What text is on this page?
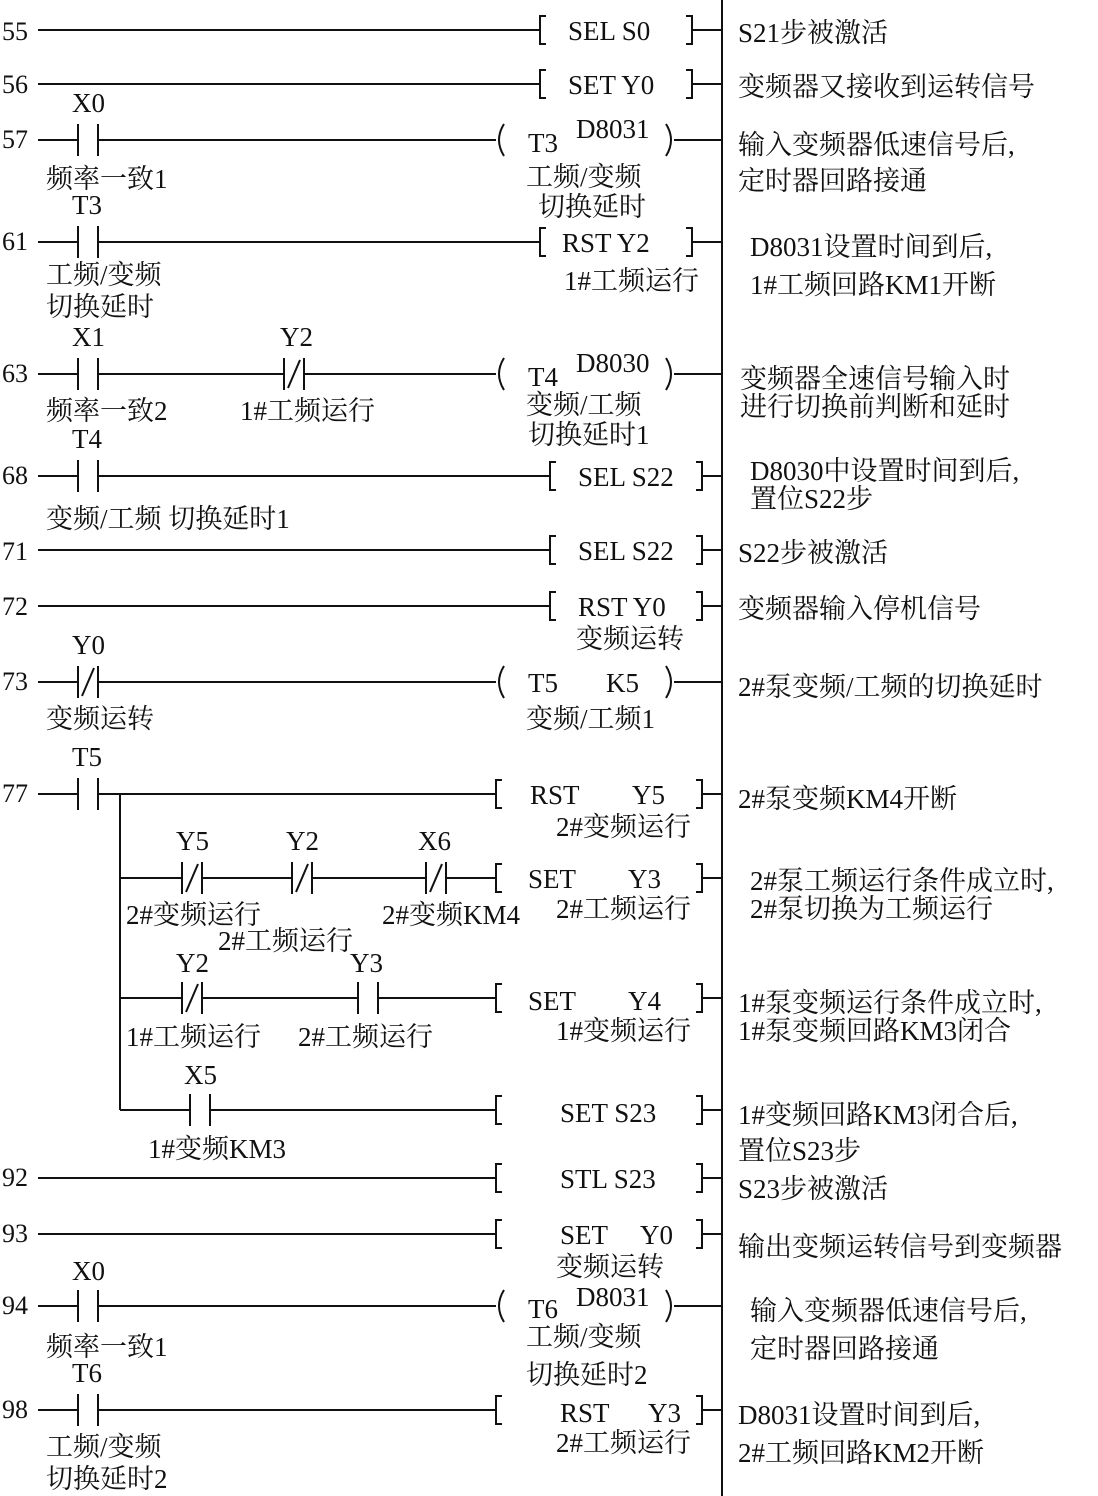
55	SEL S0	S21步被激活
56	SET Y0	变频器又接收到运转信号
X0
57
频率一致1
T3 D8031
工频/变频
切换延时
输入变频器低速信号后,
定时器回路接通
T3
61
工频/变频
切换延时
RST Y2
1#工频运行
D8031设置时间到后,
1#工频回路KM1开断
X1	Y2
63
频率一致2	1#工频运行
T4 D8030
变频/工频
切换延时1
变频器全速信号输入时
进行切换前判断和延时
T4
68
变频/工频 切换延时1
SEL S22	D8030中设置时间到后,
置位S22步
71	SEL S22 S22步被激活
72	RST Y0
变频运转
变频器输入停机信号
Y0
73
变频运转
T5 K5
变频/工频1
2#泵变频/工频的切换延时
T5
77	RST Y5
2#变频运行
2#泵变频KM4开断
Y5	Y2	X6
2#变频运行
2#工频运行
2#变频KM4
SET Y3
2#工频运行
2#泵工频运行条件成立时,
2#泵切换为工频运行
Y2	Y3
1#工频运行 2#工频运行
SET Y4
1#变频运行
1#泵变频运行条件成立时,
1#泵变频回路KM3闭合
X5
1#变频KM3
SET S23	1#变频回路KM3闭合后,
置位S23步
92	STL S23	S23步被激活
93	SET Y0
变频运转
输出变频运转信号到变频器
X0
94
频率一致1
T6 D8031
工频/变频
切换延时2
输入变频器低速信号后,
定时器回路接通
T6
98
工频/变频
切换延时2
RST Y3
2#工频运行
D8031设置时间到后,
2#工频回路KM2开断
